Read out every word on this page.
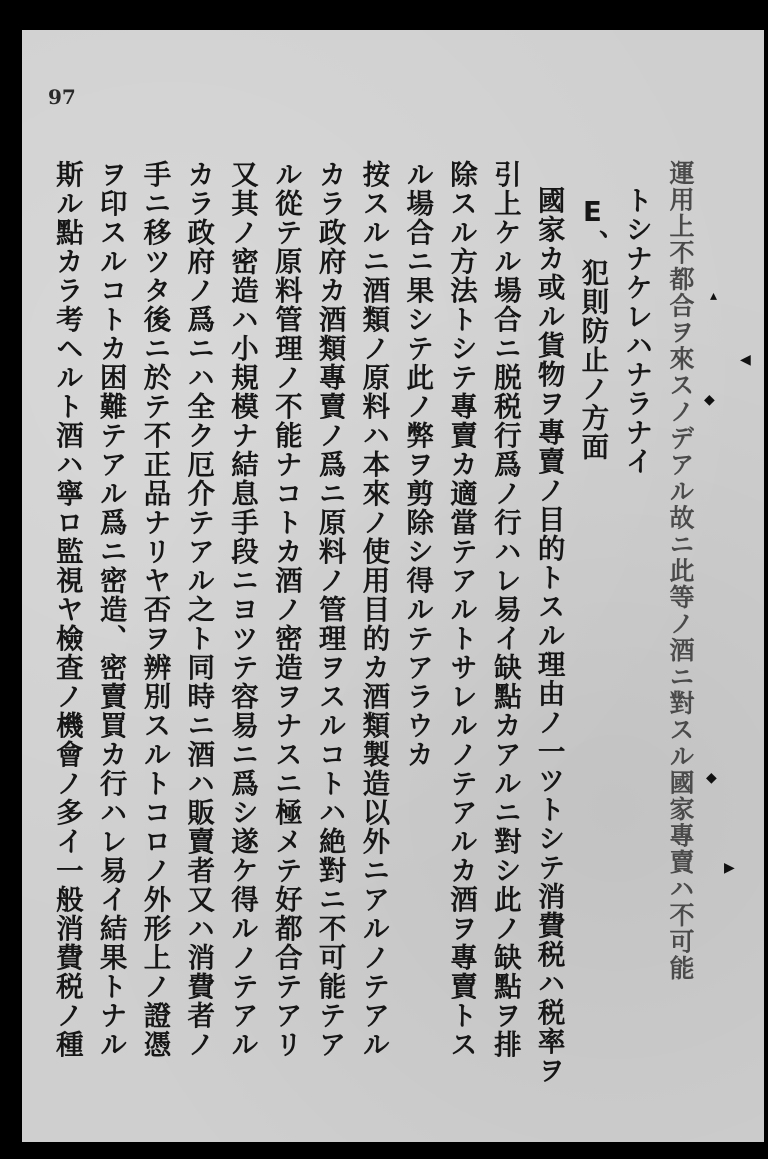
97
運用上不都合ヲ來スノデアル故ニ此等ノ酒ニ對スル國家專賣ハ不可能
トシナケレハナラナイ
E、犯則防止ノ方面
國家カ或ル貨物ヲ專賣ノ目的トスル理由ノ一ツトシテ消費税ハ税率ヲ
引上ケル場合ニ脱税行爲ノ行ハレ易イ缺點カアルニ對シ此ノ缺點ヲ排
除スル方法トシテ專賣カ適當テアルトサレルノテアルカ酒ヲ專賣トス
ル場合ニ果シテ此ノ弊ヲ剪除シ得ルテアラウカ
按スルニ酒類ノ原料ハ本來ノ使用目的カ酒類製造以外ニアルノテアル
カラ政府カ酒類專賣ノ爲ニ原料ノ管理ヲスルコトハ絶對ニ不可能テア
ル從テ原料管理ノ不能ナコトカ酒ノ密造ヲナスニ極メテ好都合テアリ
又其ノ密造ハ小規模ナ結息手段ニヨツテ容易ニ爲シ遂ケ得ルノテアル
カラ政府ノ爲ニハ全ク厄介テアル之ト同時ニ酒ハ販賣者又ハ消費者ノ
手ニ移ツタ後ニ於テ不正品ナリヤ否ヲ辨別スルトコロノ外形上ノ證憑
ヲ印スルコトカ困難テアル爲ニ密造、密賣買カ行ハレ易イ結果トナル
斯ル點カラ考ヘルト酒ハ寧ロ監視ヤ檢査ノ機會ノ多イ一般消費税ノ種	▴
◀
◆
◆
▶
